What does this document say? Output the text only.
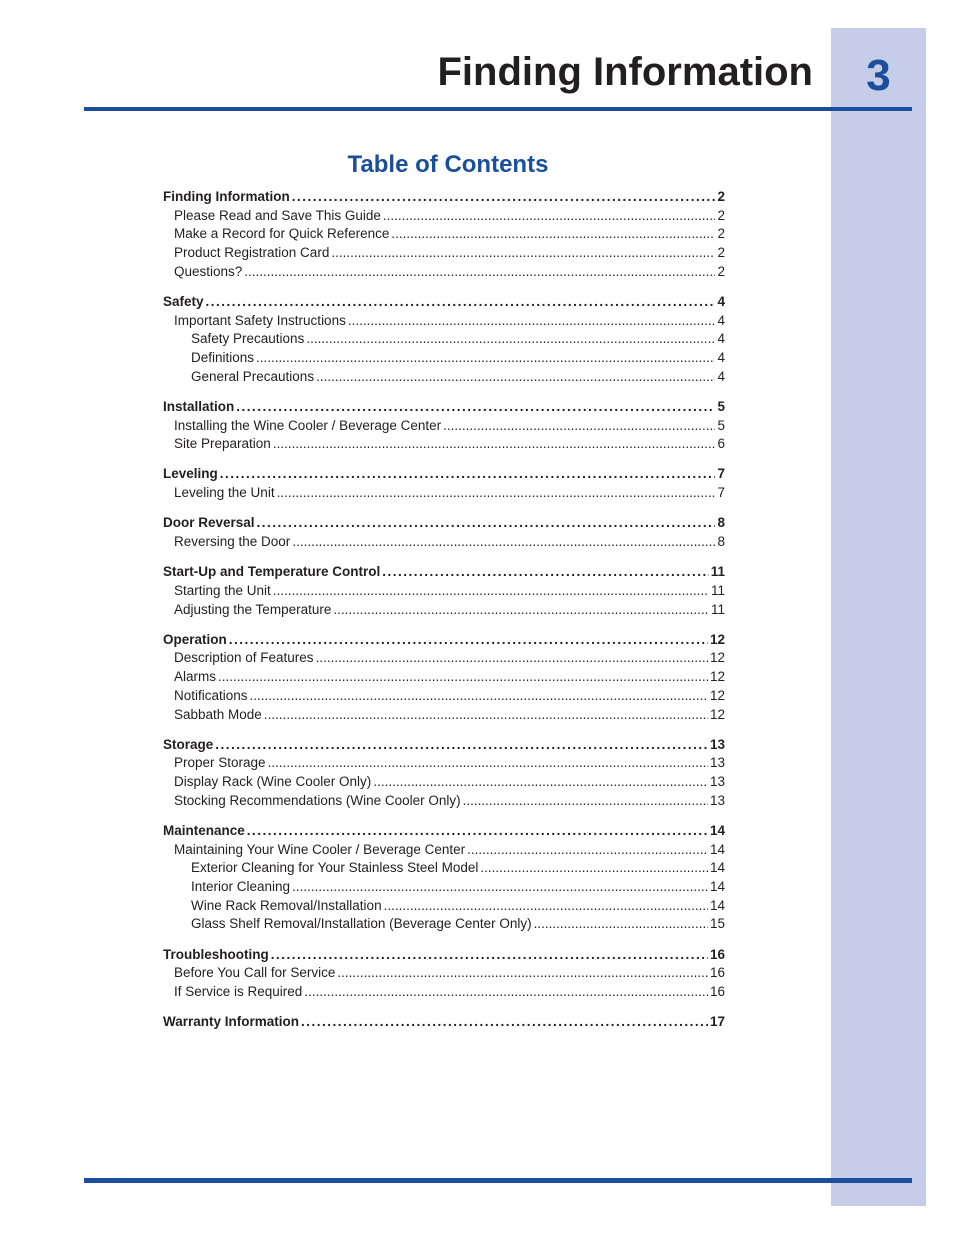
3
Finding Information
Table of Contents
Finding Information .....	2
Please Read and Save This Guide .....	2
Make a Record for Quick Reference .....	2
Product Registration Card .....	2
Questions? .....	2
Safety .....	4
Important Safety Instructions .....	4
Safety Precautions .....	4
Definitions .....	4
General Precautions .....	4
Installation .....	5
Installing the Wine Cooler / Beverage Center .....	5
Site Preparation .....	6
Leveling .....	7
Leveling the Unit .....	7
Door Reversal .....	8
Reversing the Door .....	8
Start-Up and Temperature Control .....	11
Starting the Unit .....	11
Adjusting the Temperature .....	11
Operation .....	12
Description of Features .....	12
Alarms .....	12
Notifications .....	12
Sabbath Mode .....	12
Storage .....	13
Proper Storage .....	13
Display Rack (Wine Cooler Only) .....	13
Stocking Recommendations (Wine Cooler Only) .....	13
Maintenance .....	14
Maintaining Your Wine Cooler / Beverage Center .....	14
Exterior Cleaning for Your Stainless Steel Model .....	14
Interior Cleaning .....	14
Wine Rack Removal/Installation .....	14
Glass Shelf Removal/Installation (Beverage Center Only) .....	15
Troubleshooting .....	16
Before You Call for Service .....	16
If Service is Required .....	16
Warranty Information .....	17
